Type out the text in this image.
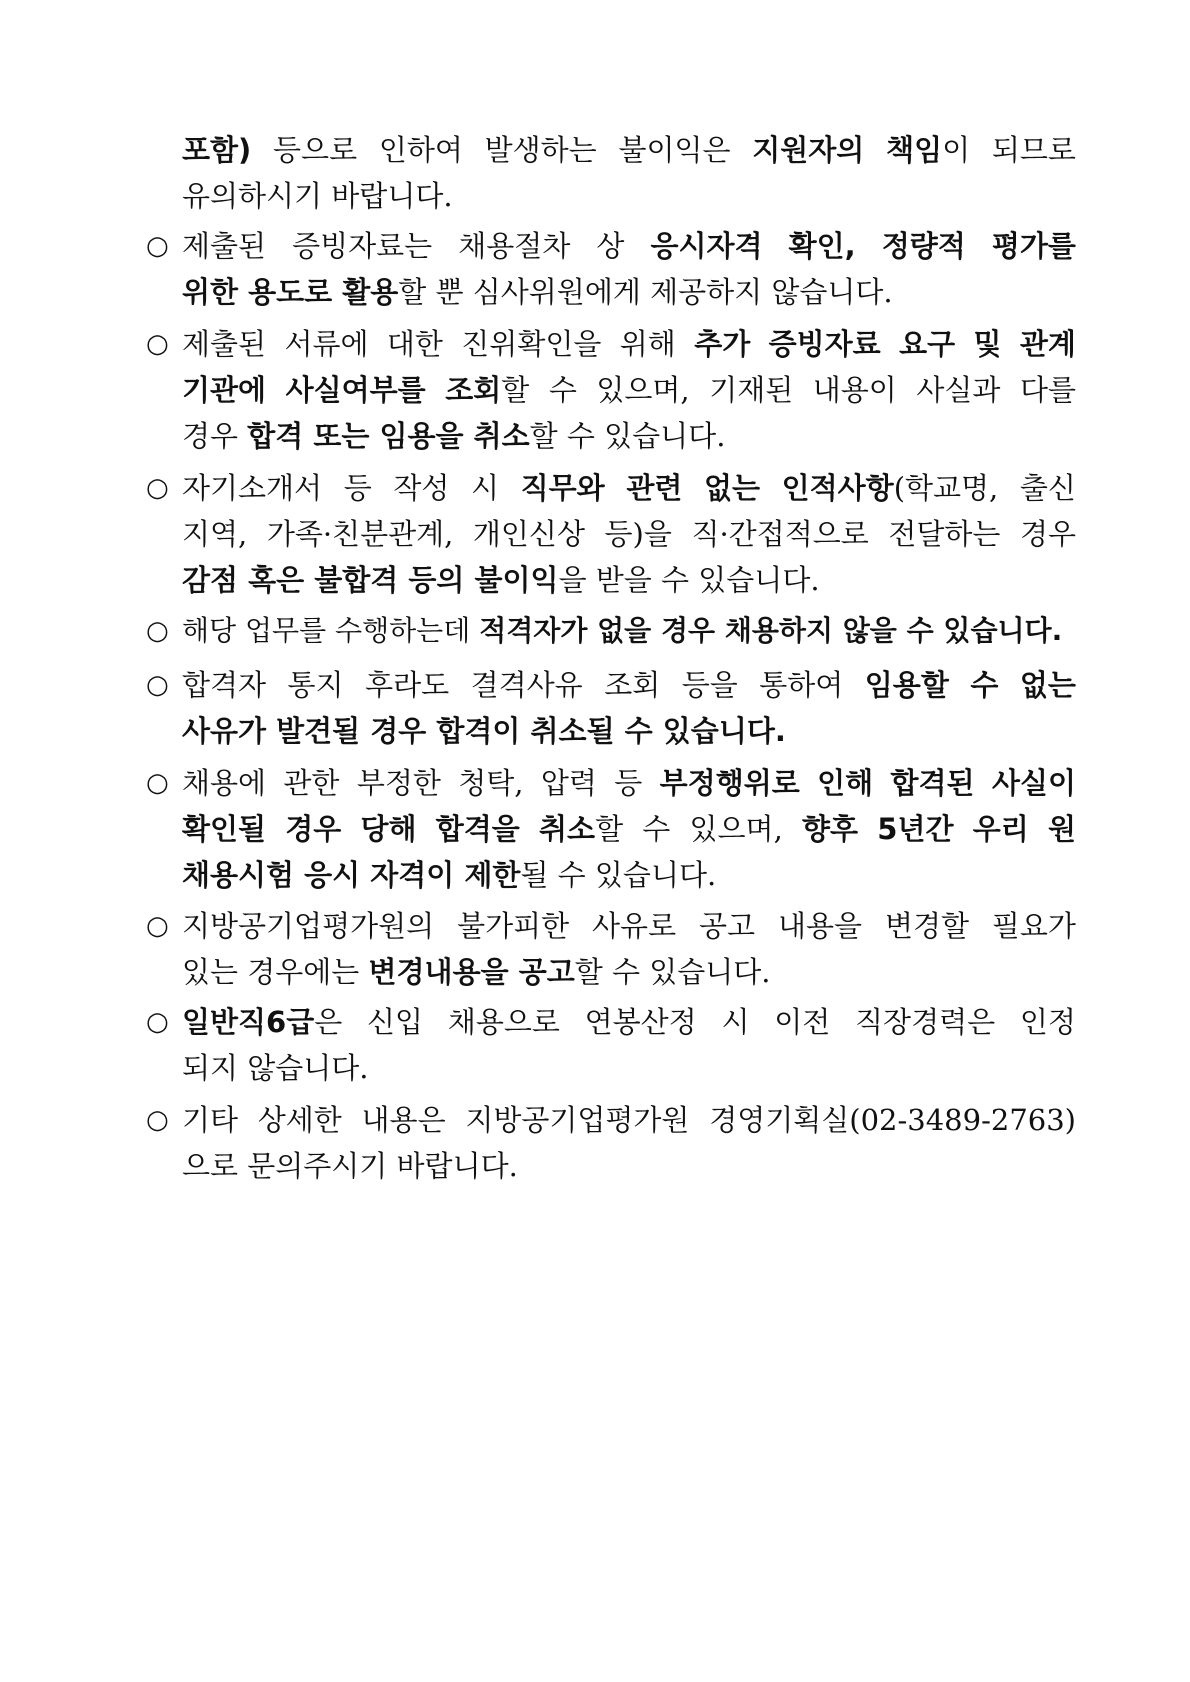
포함) 등으로 인하여 발생하는 불이익은 지원자의 책임이 되므로
유의하시기 바랍니다.
○ 제출된 증빙자료는 채용절차 상 응시자격 확인, 정량적 평가를
위한 용도로 활용 할 뿐 심사위원에게 제공하지 않습니다.
○ 제출된 서류에 대한 진위확인을 위해 추가 증빙자료 요구 및 관계
기관에 사실여부를 조회할 수 있으며, 기재된 내용이 사실과 다를
경우 합격 또는 임용을 취소 할 수 있습니다.
○ 자기소개서 등 작성 시 직무와 관련 없는 인적사항(학교명, 출신
지역, 가족·친분관계, 개인신상 등)을 직·간접적으로 전달하는 경우
감점 혹은 불합격 등의 불이익 을 받을 수 있습니다.
○ 해당 업무를 수행하는데 적격자가 없을 경우 채용하지 않을 수 있습니다.
○ 합격자 통지 후라도 결격사유 조회 등을 통하여 임용할 수 없는
사유가 발견될 경우 합격이 취소될 수 있습니다.
○ 채용에 관한 부정한 청탁, 압력 등 부정행위로 인해 합격된 사실이
확인될 경우 당해 합격을 취소할 수 있으며, 향후 5년간 우리 원
채용시험 응시 자격이 제한 될 수 있습니다.
○ 지방공기업평가원의 불가피한 사유로 공고 내용을 변경할 필요가
있는 경우에는 변경내용을 공고 할 수 있습니다.
○ 일반직6급은 신입 채용으로 연봉산정 시 이전 직장경력은 인정
되지 않습니다.
○ 기타 상세한 내용은 지방공기업평가원 경영기획실(02-3489-2763)
으로 문의주시기 바랍니다.
